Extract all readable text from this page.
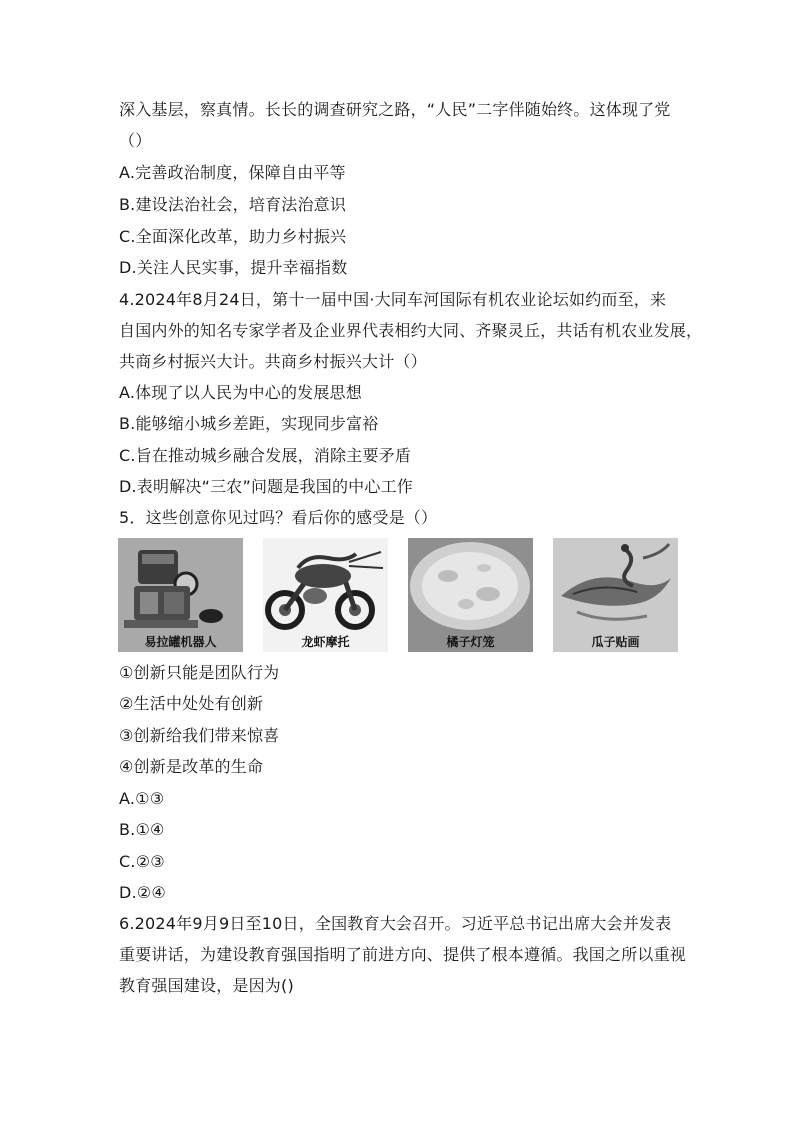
深入基层，察真情。长长的调查研究之路，“人民”二字伴随始终。这体现了党
（）
A.完善政治制度，保障自由平等
B.建设法治社会，培育法治意识
C.全面深化改革，助力乡村振兴
D.关注人民实事，提升幸福指数
4.2024年8月24日，第十一届中国·大同车河国际有机农业论坛如约而至，来
自国内外的知名专家学者及企业界代表相约大同、齐聚灵丘，共话有机农业发展，
共商乡村振兴大计。共商乡村振兴大计（）
A.体现了以人民为中心的发展思想
B.能够缩小城乡差距，实现同步富裕
C.旨在推动城乡融合发展，消除主要矛盾
D.表明解决“三农”问题是我国的中心工作
5．这些创意你见过吗？看后你的感受是（）
易拉罐机器人	龙虾摩托	橘子灯笼	瓜子贴画
①创新只能是团队行为
②生活中处处有创新
③创新给我们带来惊喜
④创新是改革的生命
A.①③
B.①④
C.②③
D.②④
6.2024年9月9日至10日，全国教育大会召开。习近平总书记出席大会并发表
重要讲话，为建设教育强国指明了前进方向、提供了根本遵循。我国之所以重视
教育强国建设，是因为()
